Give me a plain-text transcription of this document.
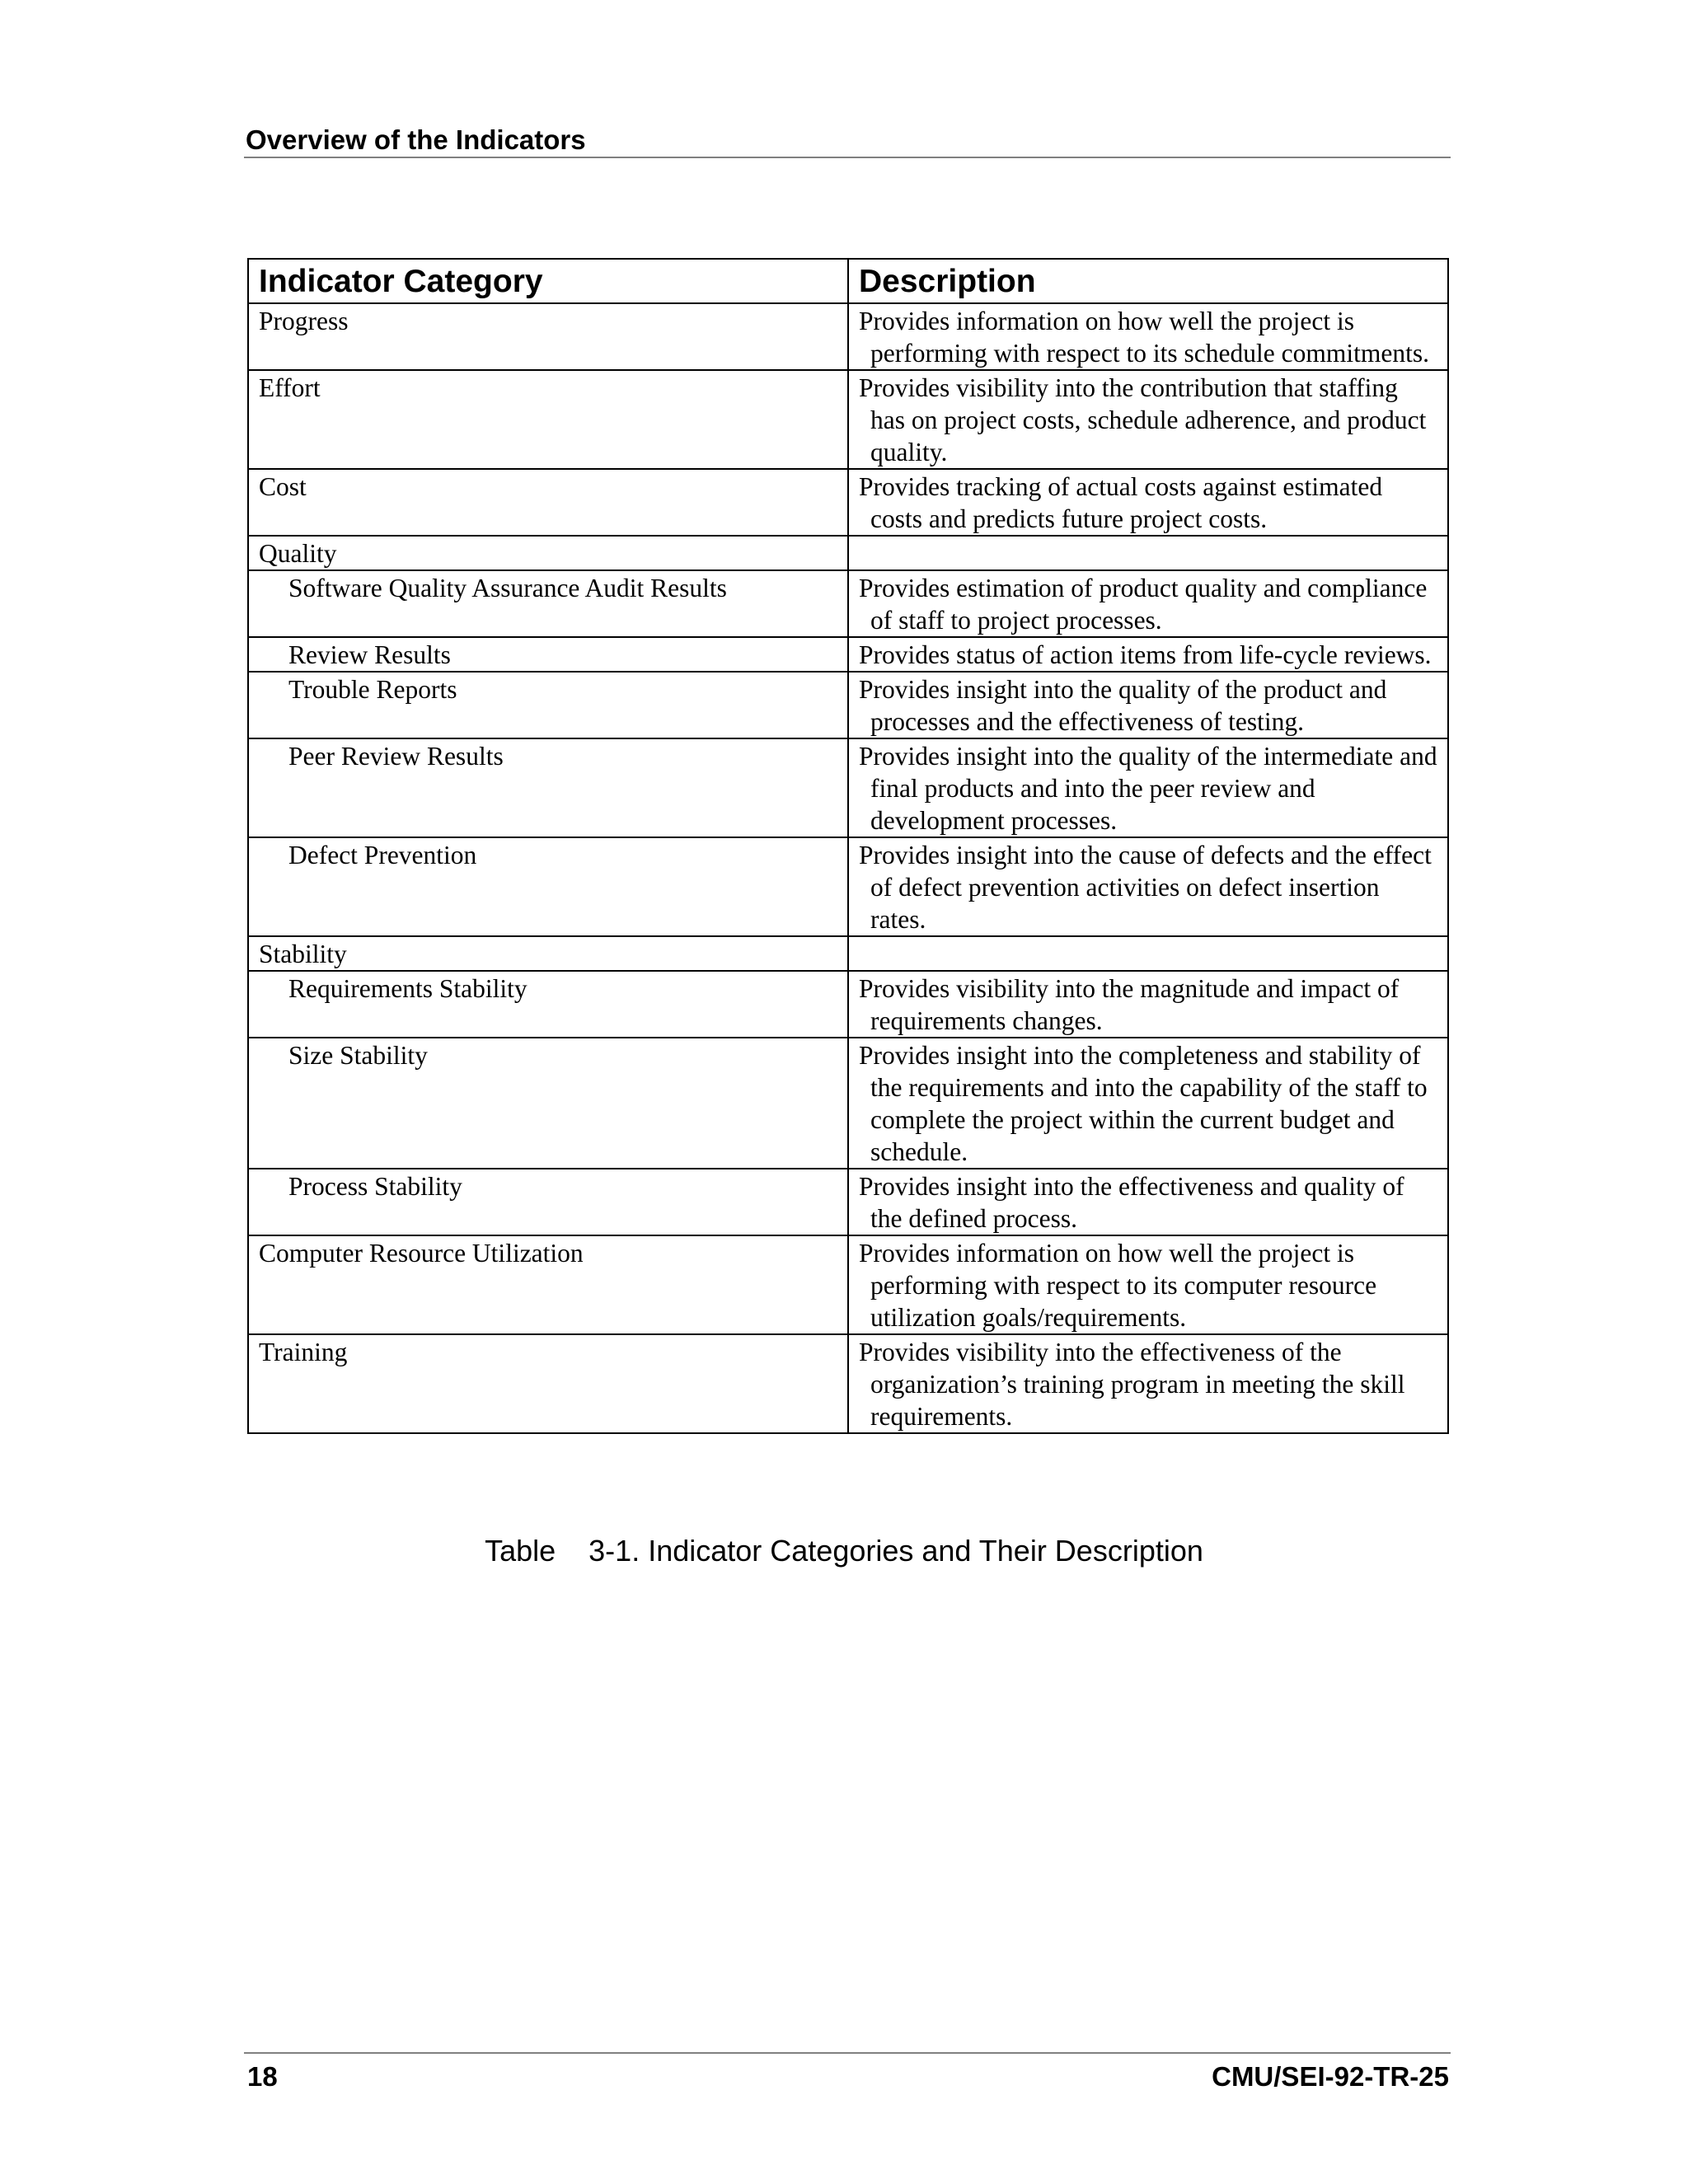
Overview of the Indicators
Indicator Category	Description
Progress	Provides information on how well the project is performing with respect to its schedule commitments.

Effort	Provides visibility into the contribution that staffing has on project costs, schedule adherence, and product quality.

Cost	Provides tracking of actual costs against estimated costs and predicts future project costs.

Quality	

Software Quality Assurance Audit Results	Provides estimation of product quality and compliance of staff to project processes.

Review Results	Provides status of action items from life-cycle reviews.

Trouble Reports	Provides insight into the quality of the product and processes and the effectiveness of testing.

Peer Review Results	Provides insight into the quality of the intermediate and final products and into the peer review and development processes.

Defect Prevention	Provides insight into the cause of defects and the effect of defect prevention activities on defect insertion rates.

Stability	

Requirements Stability	Provides visibility into the magnitude and impact of requirements changes.

Size Stability	Provides insight into the completeness and stability of the requirements and into the capability of the staff to complete the project within the current budget and schedule.

Process Stability	Provides insight into the effectiveness and quality of the defined process.

Computer Resource Utilization	Provides information on how well the project is performing with respect to its computer resource utilization goals/requirements.

Training	Provides visibility into the effectiveness of the organization’s training program in meeting the skill requirements.
Table    3-1. Indicator Categories and Their Description
18	CMU/SEI-92-TR-25
